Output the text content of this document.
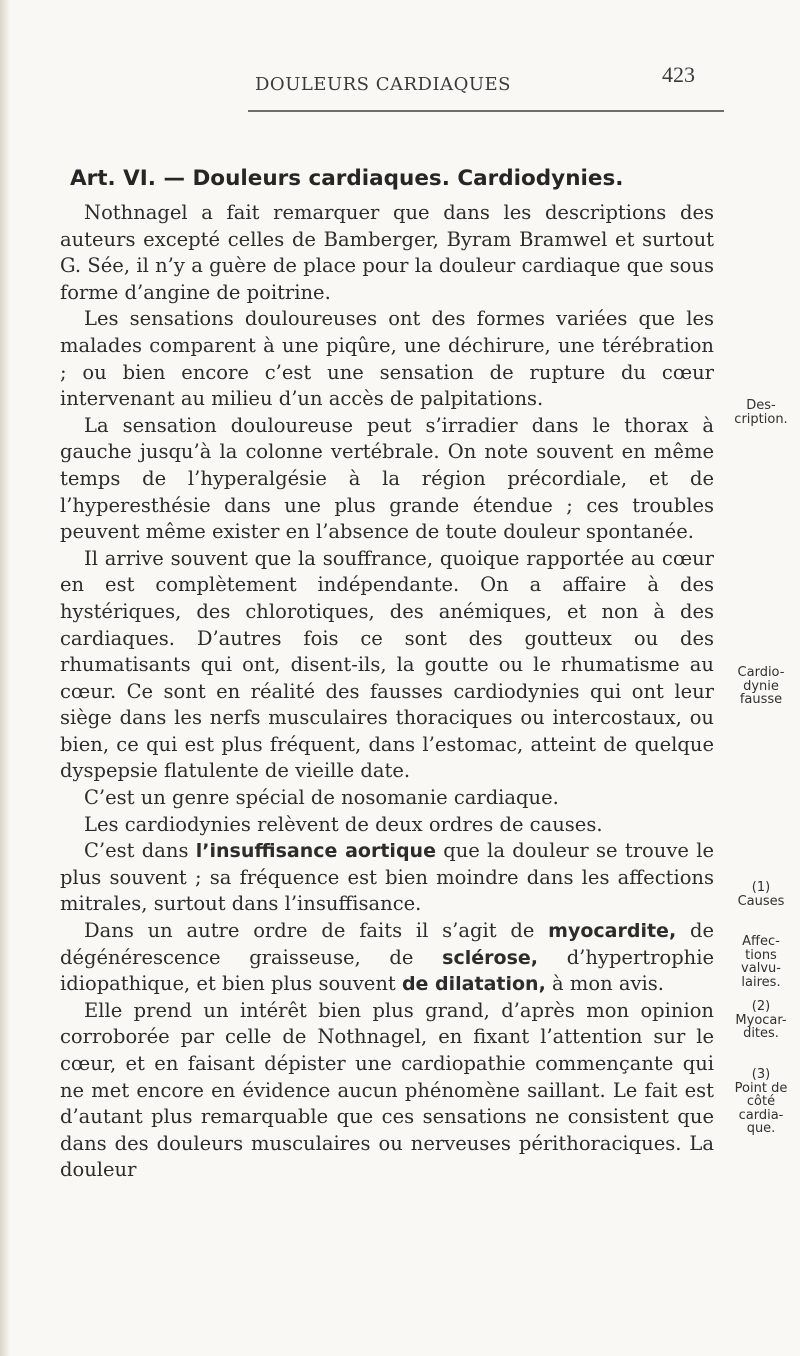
DOULEURS CARDIAQUES	423
Art. VI. — Douleurs cardiaques. Cardiodynies.

Nothnagel a fait remarquer que dans les descriptions des auteurs excepté celles de Bamberger, Byram Bramwel et surtout G. Sée, il n’y a guère de place pour la douleur cardiaque que sous forme d’angine de poitrine.

Les sensations douloureuses ont des formes variées que les malades comparent à une piqûre, une déchirure, une térébration ; ou bien encore c’est une sensation de rupture du cœur intervenant au milieu d’un accès de palpitations.

La sensation douloureuse peut s’irradier dans le thorax à gauche jusqu’à la colonne vertébrale. On note souvent en même temps de l’hyperalgésie à la région précordiale, et de l’hyperesthésie dans une plus grande étendue ; ces troubles peuvent même exister en l’absence de toute douleur spontanée.

Il arrive souvent que la souffrance, quoique rapportée au cœur en est complètement indépendante. On a affaire à des hystériques, des chlorotiques, des anémiques, et non à des cardiaques. D’autres fois ce sont des goutteux ou des rhumatisants qui ont, disent-ils, la goutte ou le rhumatisme au cœur. Ce sont en réalité des fausses cardiodynies qui ont leur siège dans les nerfs musculaires thoraciques ou intercostaux, ou bien, ce qui est plus fréquent, dans l’estomac, atteint de quelque dyspepsie flatulente de vieille date.

C’est un genre spécial de nosomanie cardiaque.

Les cardiodynies relèvent de deux ordres de causes.

C’est dans l’insuffisance aortique que la douleur se trouve le plus souvent ; sa fréquence est bien moindre dans les affections mitrales, surtout dans l’insuffisance.

Dans un autre ordre de faits il s’agit de myocardite, de dégénérescence graisseuse, de sclérose, d’hypertrophie idiopathique, et bien plus souvent de dilatation, à mon avis.

Elle prend un intérêt bien plus grand, d’après mon opinion corroborée par celle de Nothnagel, en fixant l’attention sur le cœur, et en faisant dépister une cardiopathie commençante qui ne met encore en évidence aucun phénomène saillant. Le fait est d’autant plus remarquable que ces sensations ne consistent que dans des douleurs musculaires ou nerveuses périthoraciques. La douleur

Des-
cription.
Cardio-
dynie
fausse
(1)
Causes
Affec-
tions
valvu-
laires.
(2)
Myocar-
dites.
(3)
Point de
côté
cardia-
que.
